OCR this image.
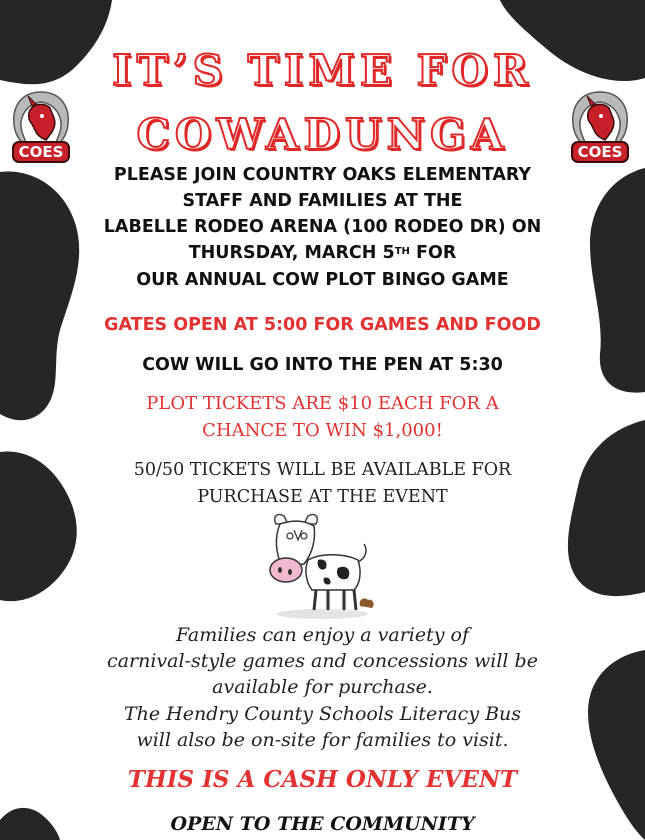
COES	COES
IT’S TIME FOR
COWADUNGA
PLEASE JOIN COUNTRY OAKS ELEMENTARY
STAFF AND FAMILIES AT THE
LABELLE RODEO ARENA (100 RODEO DR) ON
THURSDAY, MARCH 5TH FOR
OUR ANNUAL COW PLOT BINGO GAME
GATES OPEN AT 5:00 FOR GAMES AND FOOD
COW WILL GO INTO THE PEN AT 5:30
PLOT TICKETS ARE $10 EACH FOR A
CHANCE TO WIN $1,000!
50/50 TICKETS WILL BE AVAILABLE FOR
PURCHASE AT THE EVENT
Families can enjoy a variety of
carnival-style games and concessions will be
available for purchase.
The Hendry County Schools Literacy Bus
will also be on-site for families to visit.
THIS IS A CASH ONLY EVENT
OPEN TO THE COMMUNITY
